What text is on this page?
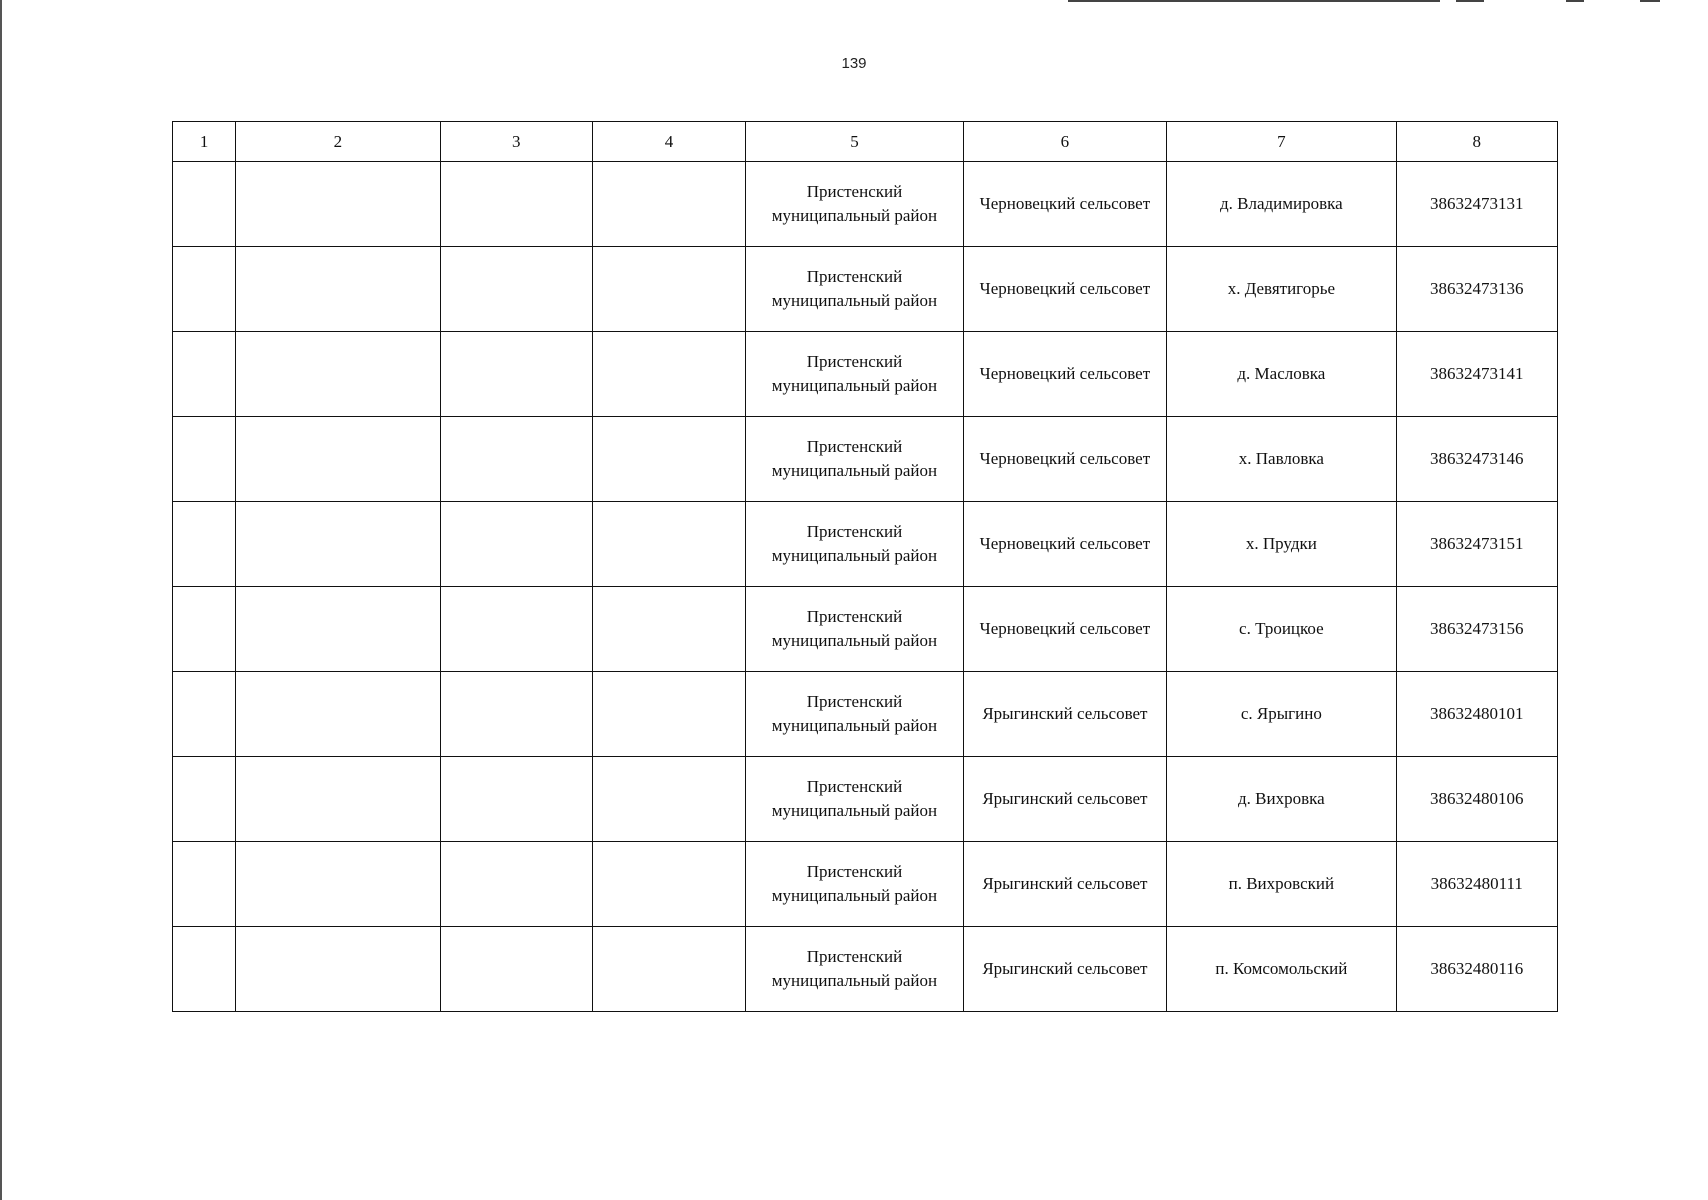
139
1	2	3	4	5	6	7	8
				Пристенский муниципальный район	Черновецкий сельсовет	д. Владимировка	38632473131
				Пристенский муниципальный район	Черновецкий сельсовет	х. Девятигорье	38632473136
				Пристенский муниципальный район	Черновецкий сельсовет	д. Масловка	38632473141
				Пристенский муниципальный район	Черновецкий сельсовет	х. Павловка	38632473146
				Пристенский муниципальный район	Черновецкий сельсовет	х. Прудки	38632473151
				Пристенский муниципальный район	Черновецкий сельсовет	с. Троицкое	38632473156
				Пристенский муниципальный район	Ярыгинский сельсовет	с. Ярыгино	38632480101
				Пристенский муниципальный район	Ярыгинский сельсовет	д. Вихровка	38632480106
				Пристенский муниципальный район	Ярыгинский сельсовет	п. Вихровский	38632480111
				Пристенский муниципальный район	Ярыгинский сельсовет	п. Комсомольский	38632480116
